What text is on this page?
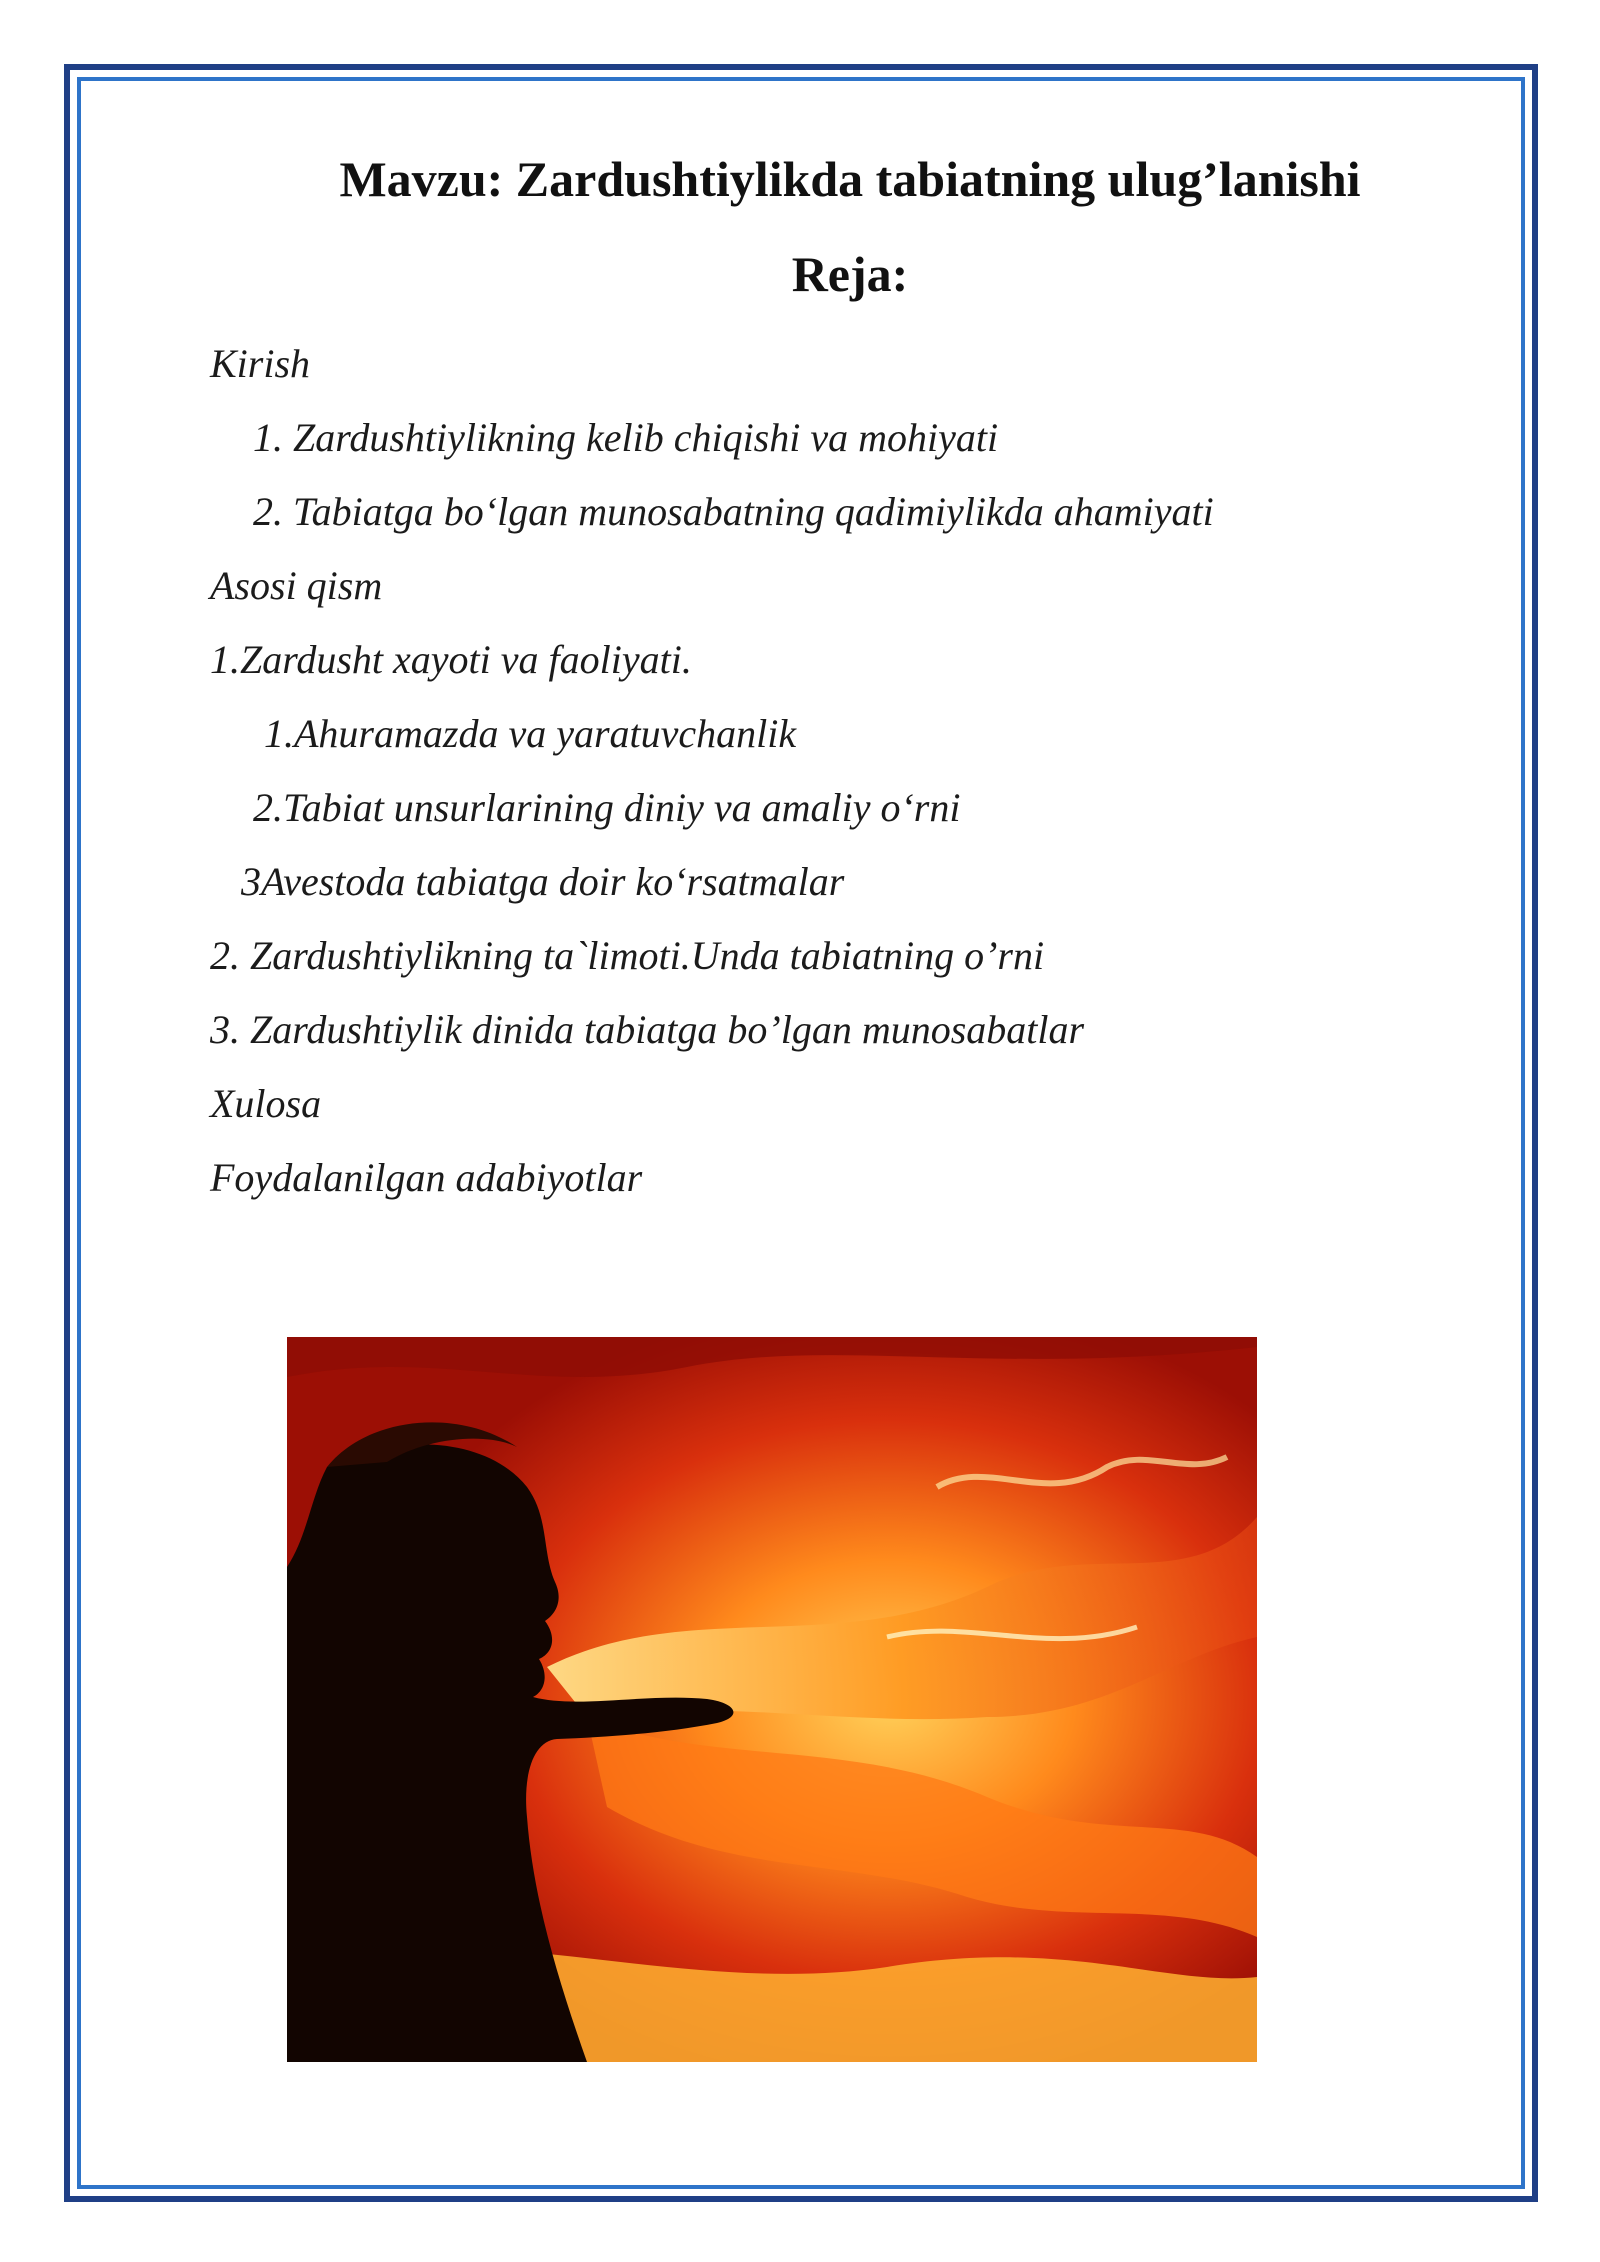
Mavzu: Zardushtiylikda tabiatning ulug’lanishi
Reja:
Kirish
1. Zardushtiylikning kelib chiqishi va mohiyati
2. Tabiatga bo‘lgan munosabatning qadimiylikda ahamiyati
Asosi qism
1.Zardusht xayoti va faoliyati.
1.Ahuramazda va yaratuvchanlik
2.Tabiat unsurlarining diniy va amaliy o‘rni
3Avestoda tabiatga doir ko‘rsatmalar
2. Zardushtiylikning ta`limoti.Unda tabiatning o’rni
3. Zardushtiylik dinida tabiatga bo’lgan munosabatlar
Xulosa
Foydalanilgan adabiyotlar
